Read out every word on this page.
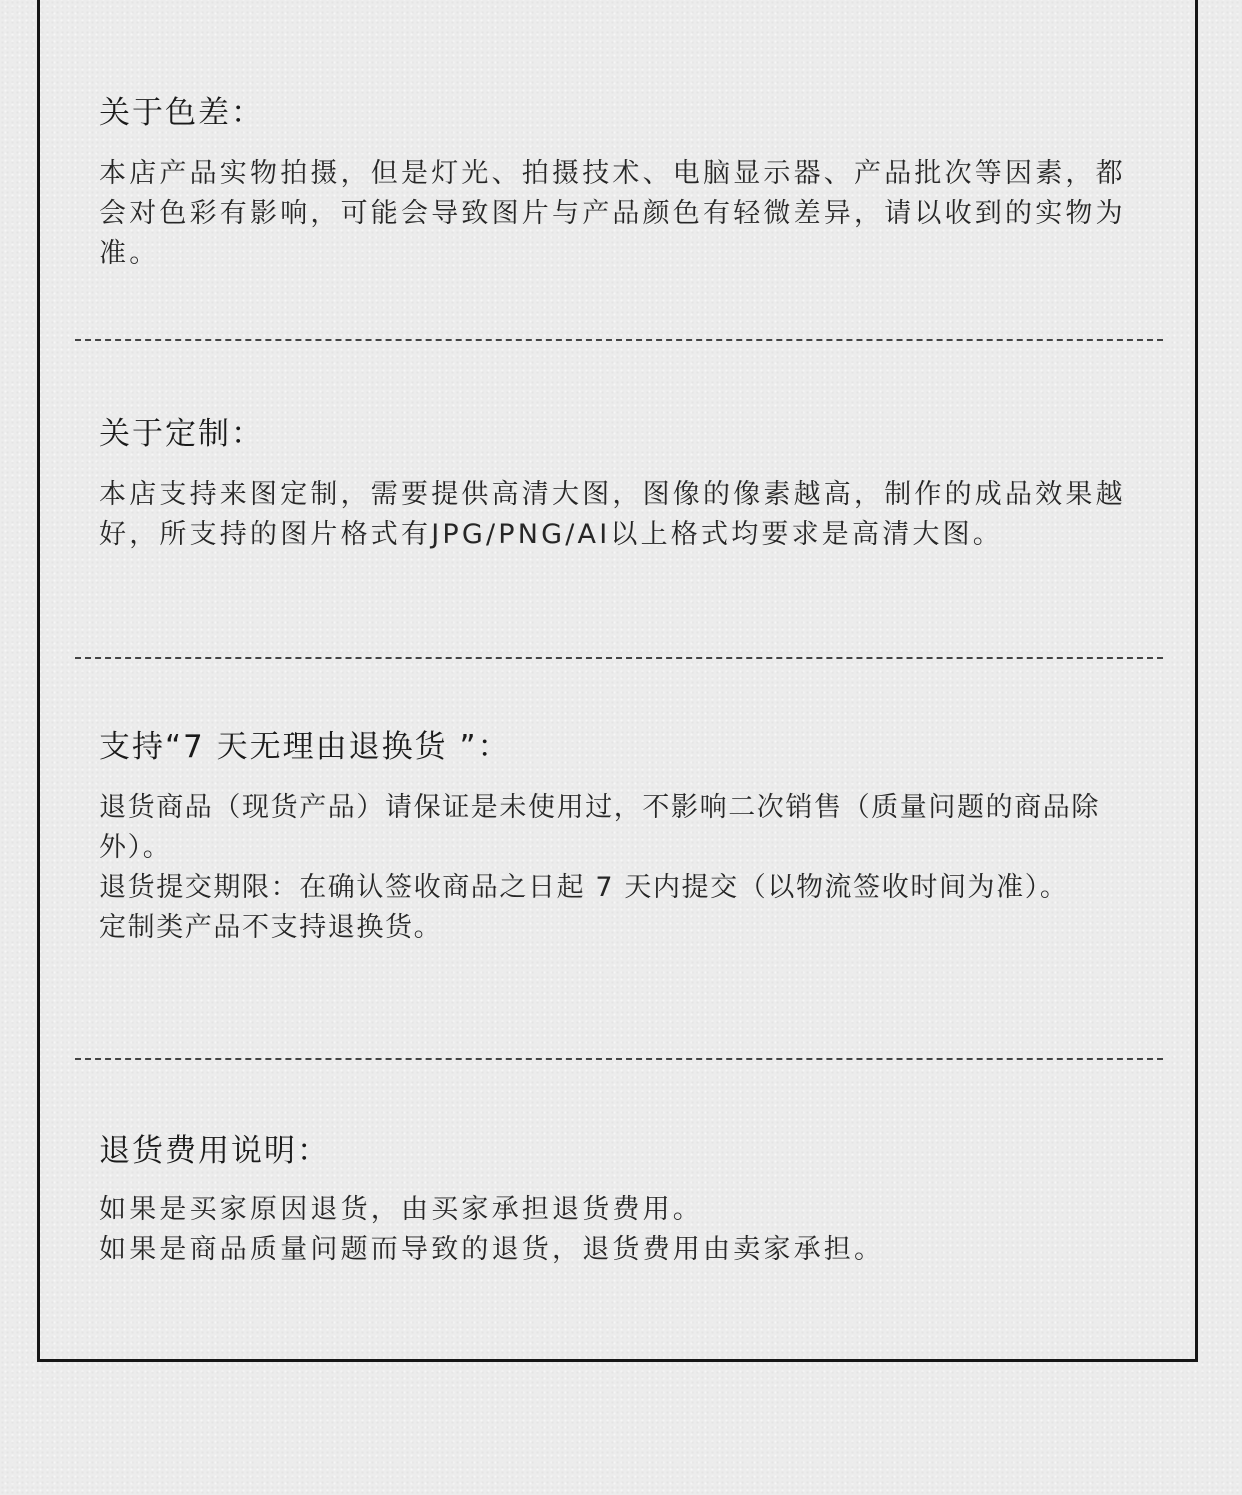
关于色差：

本店产品实物拍摄，但是灯光、拍摄技术、电脑显示器、产品批次等因素，都会对色彩有影响，可能会导致图片与产品颜色有轻微差异，请以收到的实物为准。

关于定制：

本店支持来图定制，需要提供高清大图，图像的像素越高，制作的成品效果越好，所支持的图片格式有JPG/PNG/AI以上格式均要求是高清大图。

支持“7 天无理由退换货 ”：

退货商品（现货产品）请保证是未使用过，不影响二次销售（质量问题的商品除外）。

退货提交期限：在确认签收商品之日起 7 天内提交（以物流签收时间为准）。

定制类产品不支持退换货。

退货费用说明：

如果是买家原因退货，由买家承担退货费用。

如果是商品质量问题而导致的退货，退货费用由卖家承担。
